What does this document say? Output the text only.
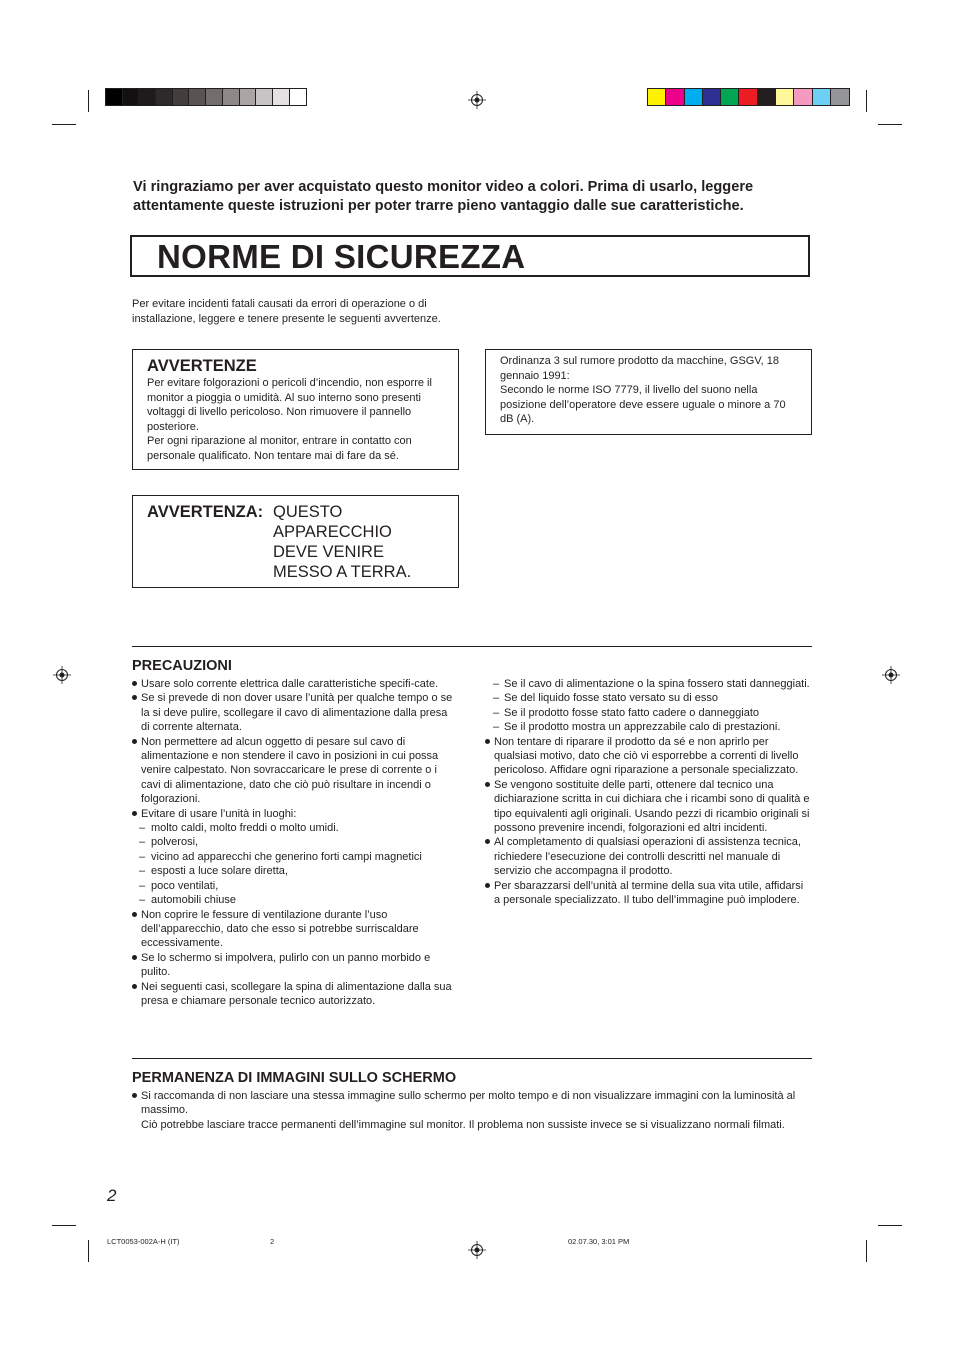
Vi ringraziamo per aver acquistato questo monitor video a colori. Prima di usarlo, leggere attentamente queste istruzioni per poter trarre pieno vantaggio dalle sue caratteristiche.
NORME DI SICUREZZA
Per evitare incidenti fatali causati da errori di operazione o di installazione, leggere e tenere presente le seguenti avvertenze.
AVVERTENZE
Per evitare folgorazioni o pericoli d’incendio, non esporre il monitor a pioggia o umidità. Al suo interno sono presenti voltaggi di livello pericoloso. Non rimuovere il pannello posteriore.
Per ogni riparazione al monitor, entrare in contatto con personale qualificato. Non tentare mai di fare da sé.
Ordinanza 3 sul rumore prodotto da macchine, GSGV, 18 gennaio 1991:
Secondo le norme ISO 7779, il livello del suono nella posizione dell’operatore deve essere uguale o minore a 70 dB (A).
AVVERTENZA: QUESTO
APPARECCHIO
DEVE VENIRE
MESSO A TERRA.
PRECAUZIONI
Usare solo corrente elettrica dalle caratteristiche specifi-cate.
Se si prevede di non dover usare l’unità per qualche tempo o se la si deve pulire, scollegare il cavo di alimentazione dalla presa di corrente alternata.
Non permettere ad alcun oggetto di pesare sul cavo di alimentazione e non stendere il cavo in posizioni in cui possa venire calpestato. Non sovraccaricare le prese di corrente o i cavi di alimentazione, dato che ciò può risultare in incendi o folgorazioni.
Evitare di usare l’unità in luoghi:
– molto caldi, molto freddi o molto umidi.
– polverosi,
– vicino ad apparecchi che generino forti campi magnetici
– esposti a luce solare diretta,
– poco ventilati,
– automobili chiuse
Non coprire le fessure di ventilazione durante l’uso dell’apparecchio, dato che esso si potrebbe surriscaldare eccessivamente.
Se lo schermo si impolvera, pulirlo con un panno morbido e pulito.
Nei seguenti casi, scollegare la spina di alimentazione dalla sua presa e chiamare personale tecnico autorizzato.
– Se il cavo di alimentazione o la spina fossero stati danneggiati.
– Se del liquido fosse stato versato su di esso
– Se il prodotto fosse stato fatto cadere o danneggiato
– Se il prodotto mostra un apprezzabile calo di prestazioni.
Non tentare di riparare il prodotto da sé e non aprirlo per qualsiasi motivo, dato che ciò vi esporrebbe a correnti di livello pericoloso. Affidare ogni riparazione a personale specializzato.
Se vengono sostituite delle parti, ottenere dal tecnico una dichiarazione scritta in cui dichiara che i ricambi sono di qualità e tipo equivalenti agli originali. Usando pezzi di ricambio originali si possono prevenire incendi, folgorazioni ed altri incidenti.
Al completamento di qualsiasi operazioni di assistenza tecnica, richiedere l’esecuzione dei controlli descritti nel manuale di servizio che accompagna il prodotto.
Per sbarazzarsi dell’unità al termine della sua vita utile, affidarsi a personale specializzato. Il tubo dell’immagine può implodere.
PERMANENZA DI IMMAGINI SULLO SCHERMO
Si raccomanda di non lasciare una stessa immagine sullo schermo per molto tempo e di non visualizzare immagini con la luminosità al massimo.
Ciò potrebbe lasciare tracce permanenti dell’immagine sul monitor. Il problema non sussiste invece se si visualizzano normali filmati.
2
LCT0053-002A-H (IT)	2	02.07.30, 3:01 PM
